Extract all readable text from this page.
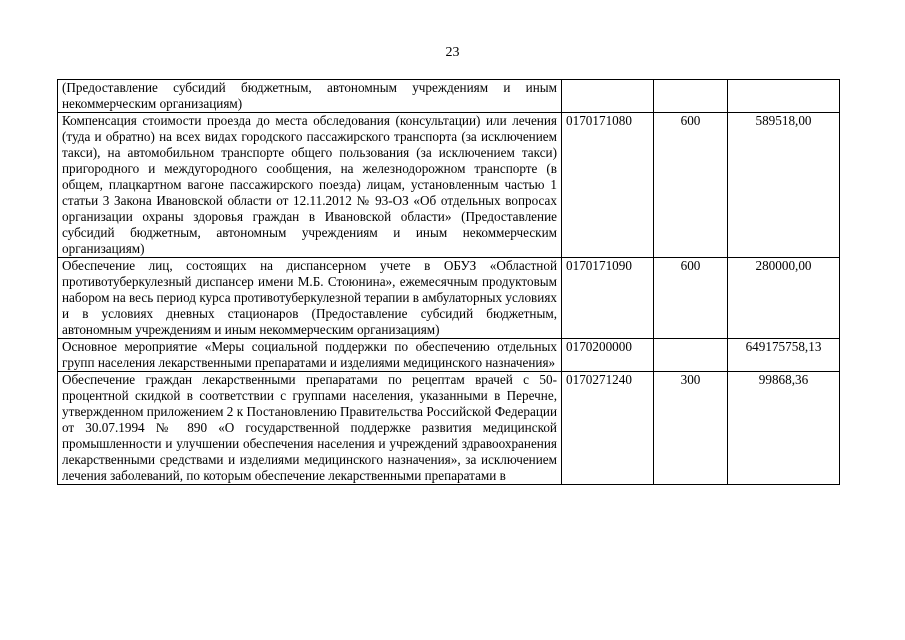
23
(Предоставление субсидий бюджетным, автономным учреждениям и иным некоммерческим организациям)			
Компенсация стоимости проезда до места обследования (консультации) или лечения (туда и обратно) на всех видах городского пассажирского транспорта (за исключением такси), на автомобильном транспорте общего пользования (за исключением такси) пригородного и междугородного сообщения, на железнодорожном транспорте (в общем, плацкартном вагоне пассажирского поезда) лицам, установленным частью 1 статьи 3 Закона Ивановской области от 12.11.2012 № 93-ОЗ «Об отдельных вопросах организации охраны здоровья граждан в Ивановской области» (Предоставление субсидий бюджетным, автономным учреждениям и иным некоммерческим организациям)	0170171080	600	589518,00
Обеспечение лиц, состоящих на диспансерном учете в ОБУЗ «Областной противотуберкулезный диспансер имени М.Б. Стоюнина», ежемесячным продуктовым набором на весь период курса противотуберкулезной терапии в амбулаторных условиях и в условиях дневных стационаров (Предоставление субсидий бюджетным, автономным учреждениям и иным некоммерческим организациям)	0170171090	600	280000,00
Основное мероприятие «Меры социальной поддержки по обеспечению отдельных групп населения лекарственными препаратами и изделиями медицинского назначения»	0170200000		649175758,13
Обеспечение граждан лекарственными препаратами по рецептам врачей с 50-процентной скидкой в соответствии с группами населения, указанными в Перечне, утвержденном приложением 2 к Постановлению Правительства Российской Федерации от 30.07.1994 № 890 «О государственной поддержке развития медицинской промышленности и улучшении обеспечения населения и учреждений здравоохранения лекарственными средствами и изделиями медицинского назначения», за исключением лечения заболеваний, по которым обеспечение лекарственными препаратами в	0170271240	300	99868,36
